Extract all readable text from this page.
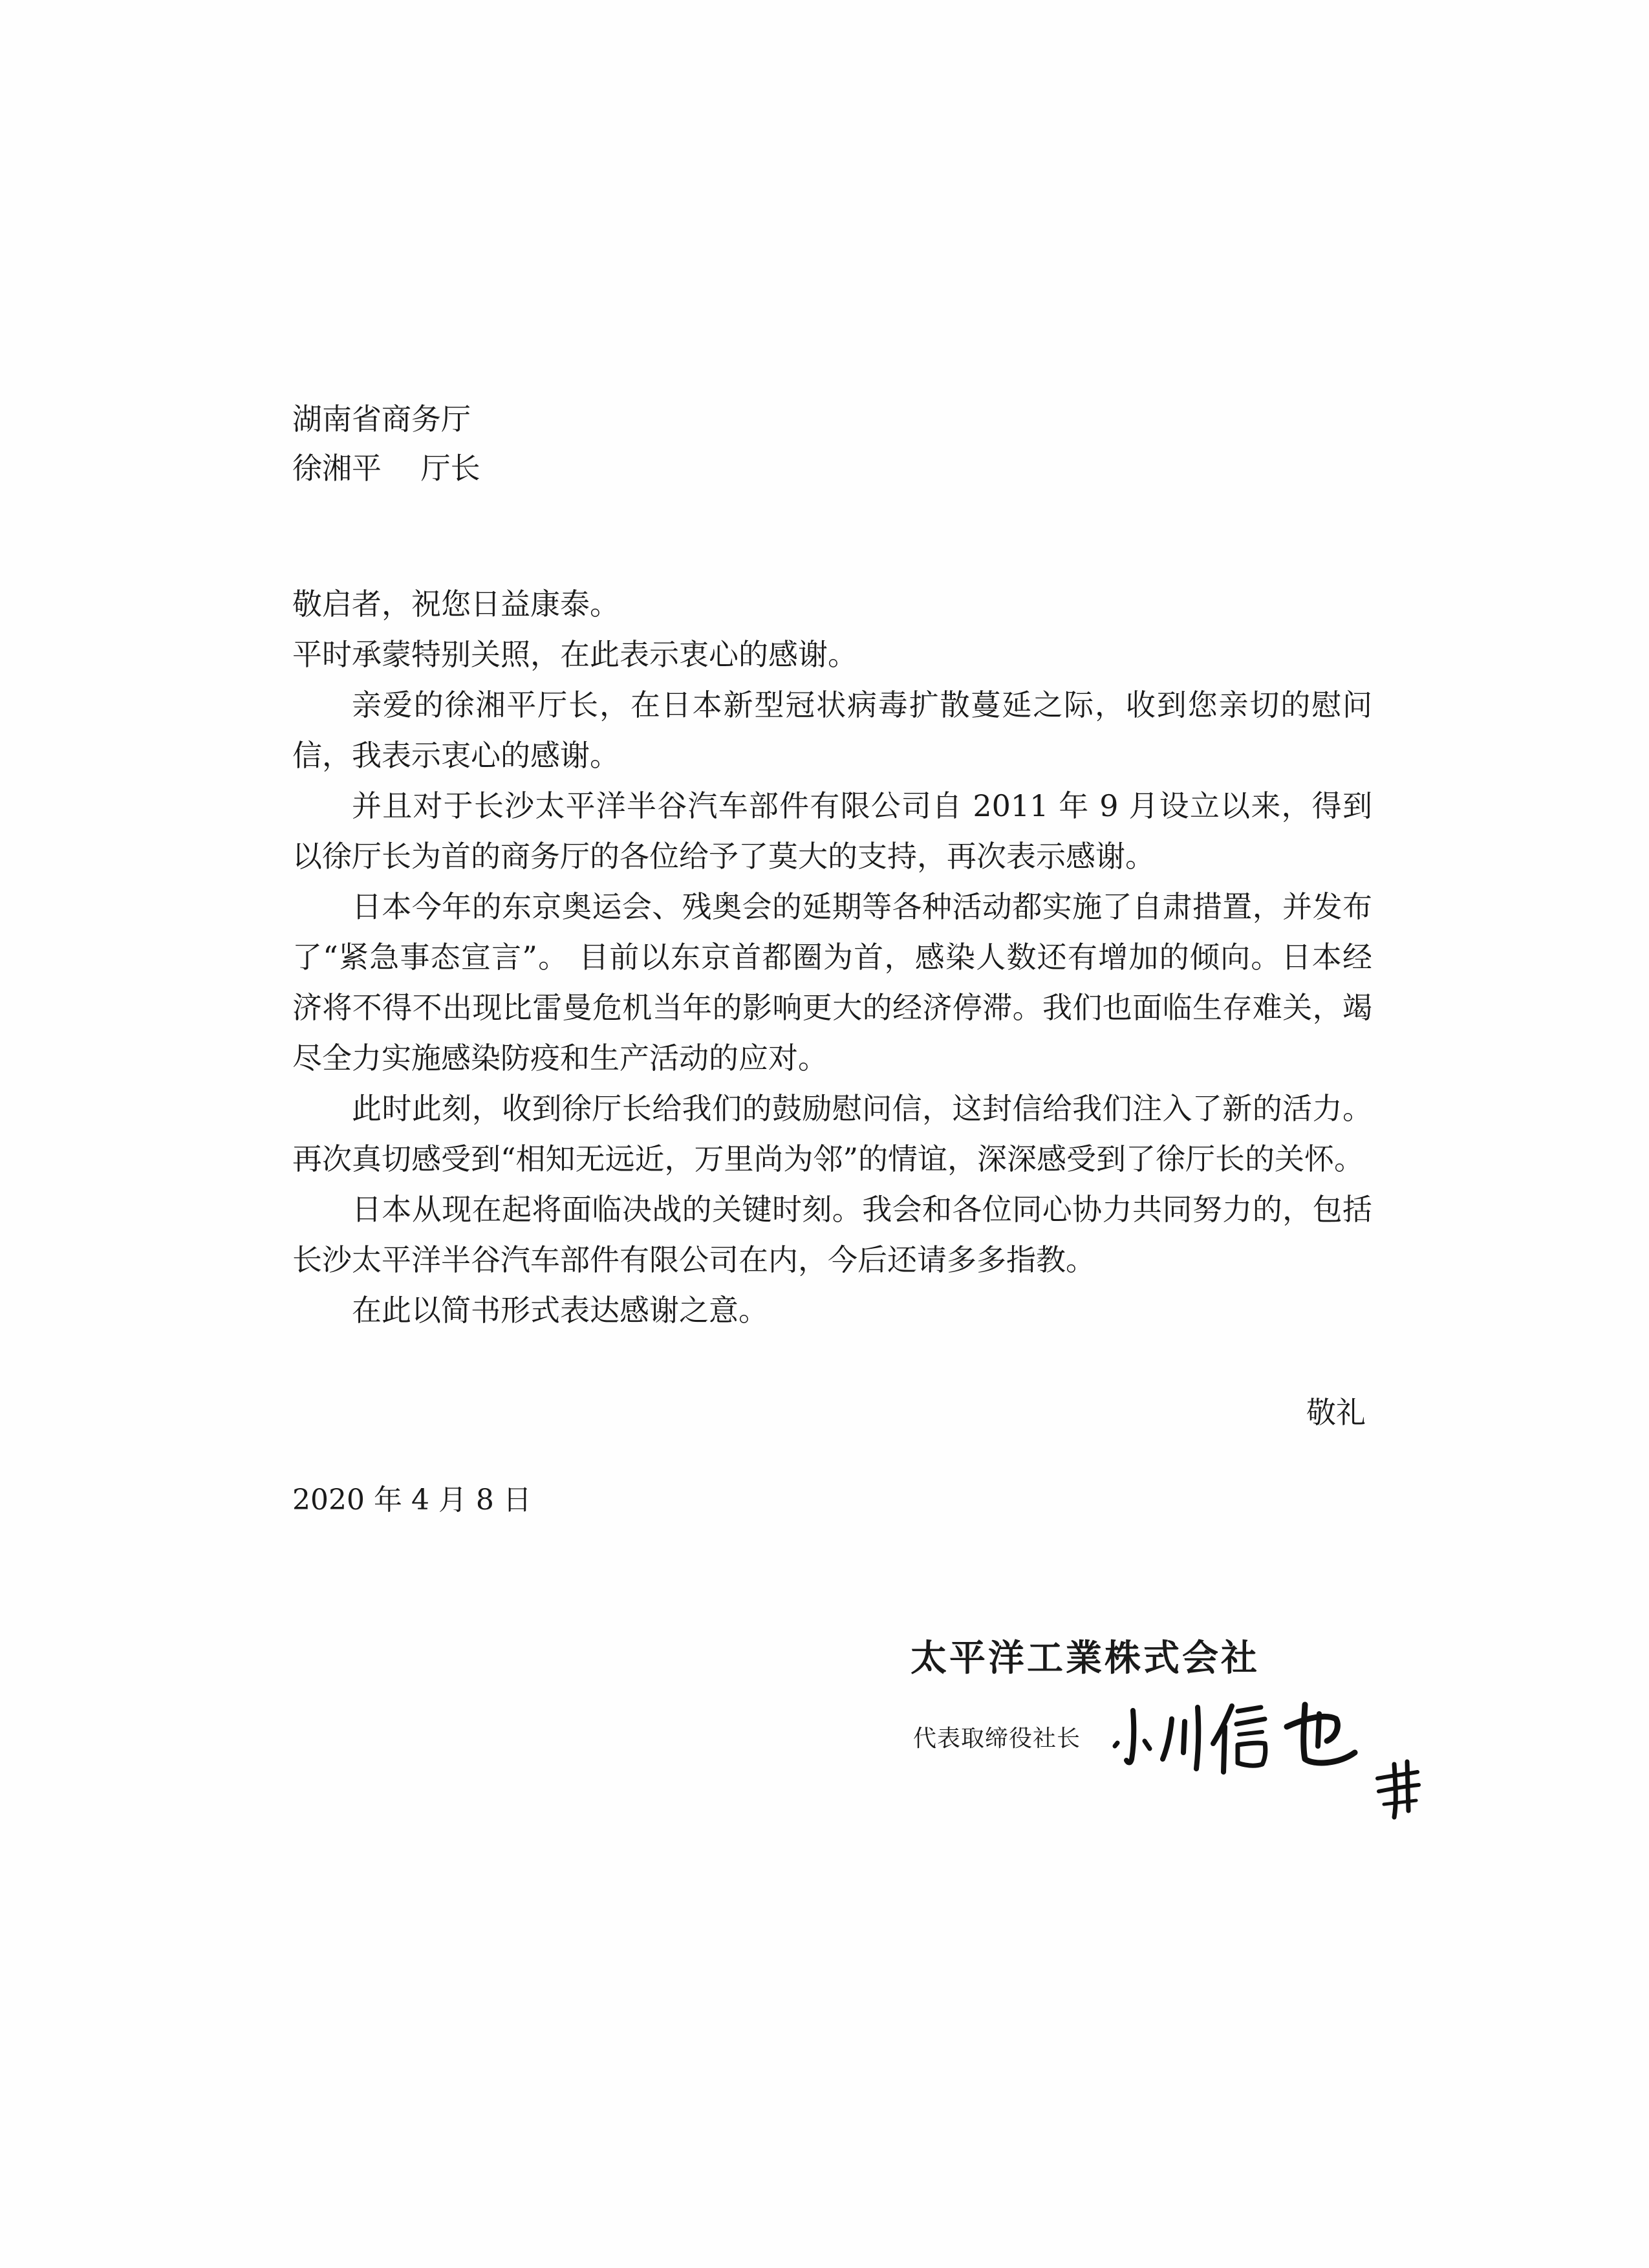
湖南省商务厅
徐湘平　 厅长

敬启者，祝您日益康泰。

平时承蒙特别关照，在此表示衷心的感谢。

亲爱的徐湘平厅长，在日本新型冠状病毒扩散蔓延之际，收到您亲切的慰问信，我表示衷心的感谢。

并且对于长沙太平洋半谷汽车部件有限公司自 2011 年 9 月设立以来，得到以徐厅长为首的商务厅的各位给予了莫大的支持，再次表示感谢。

日本今年的东京奥运会、残奥会的延期等各种活动都实施了自肃措置，并发布了“紧急事态宣言”。 目前以东京首都圈为首，感染人数还有增加的倾向。日本经济将不得不出现比雷曼危机当年的影响更大的经济停滞。我们也面临生存难关，竭尽全力实施感染防疫和生产活动的应对。

此时此刻，收到徐厅长给我们的鼓励慰问信，这封信给我们注入了新的活力。再次真切感受到“相知无远近，万里尚为邻”的情谊，深深感受到了徐厅长的关怀。

日本从现在起将面临决战的关键时刻。我会和各位同心协力共同努力的，包括长沙太平洋半谷汽车部件有限公司在内，今后还请多多指教。

在此以简书形式表达感谢之意。

敬礼
2020 年 4 月 8 日
太平洋工業株式会社
代表取缔役社长
